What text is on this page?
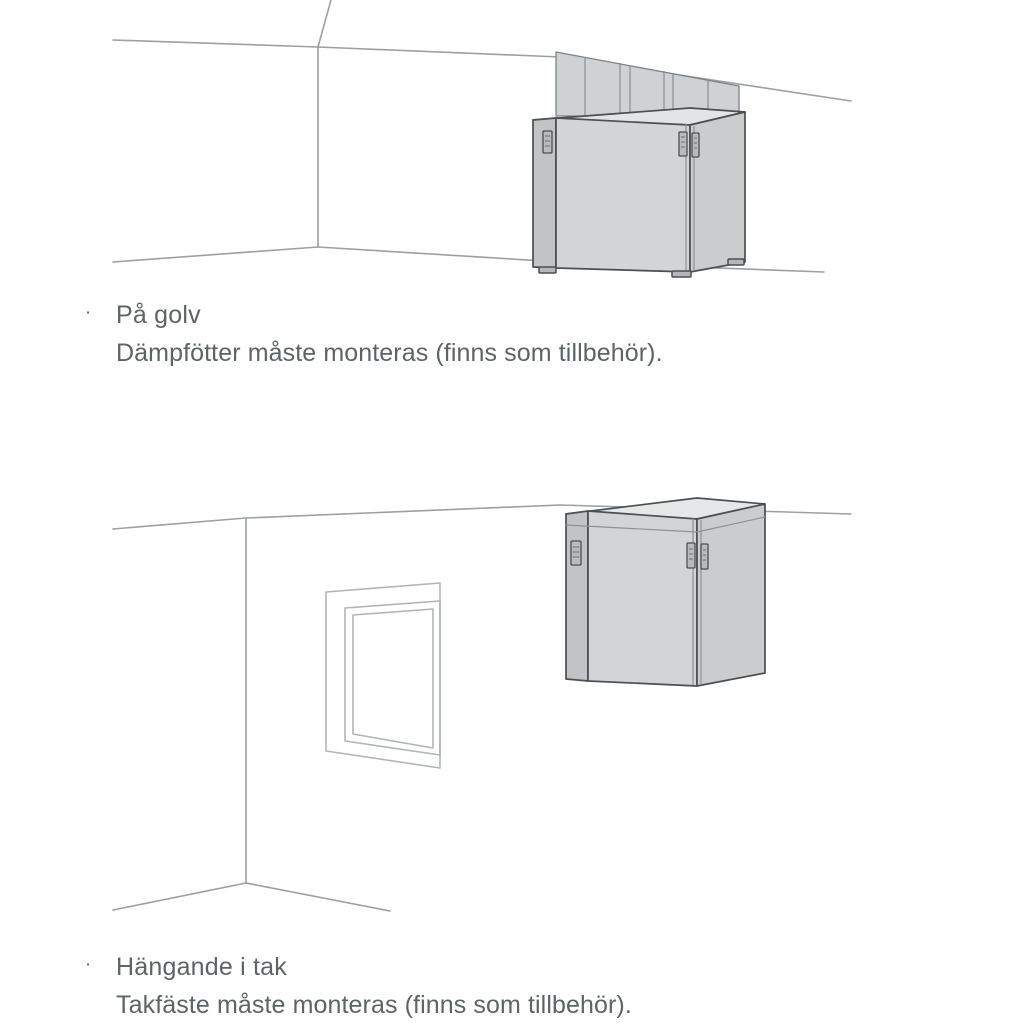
· På golv
Dämpfötter måste monteras (finns som tillbehör).
· Hängande i tak
Takfäste måste monteras (finns som tillbehör).
